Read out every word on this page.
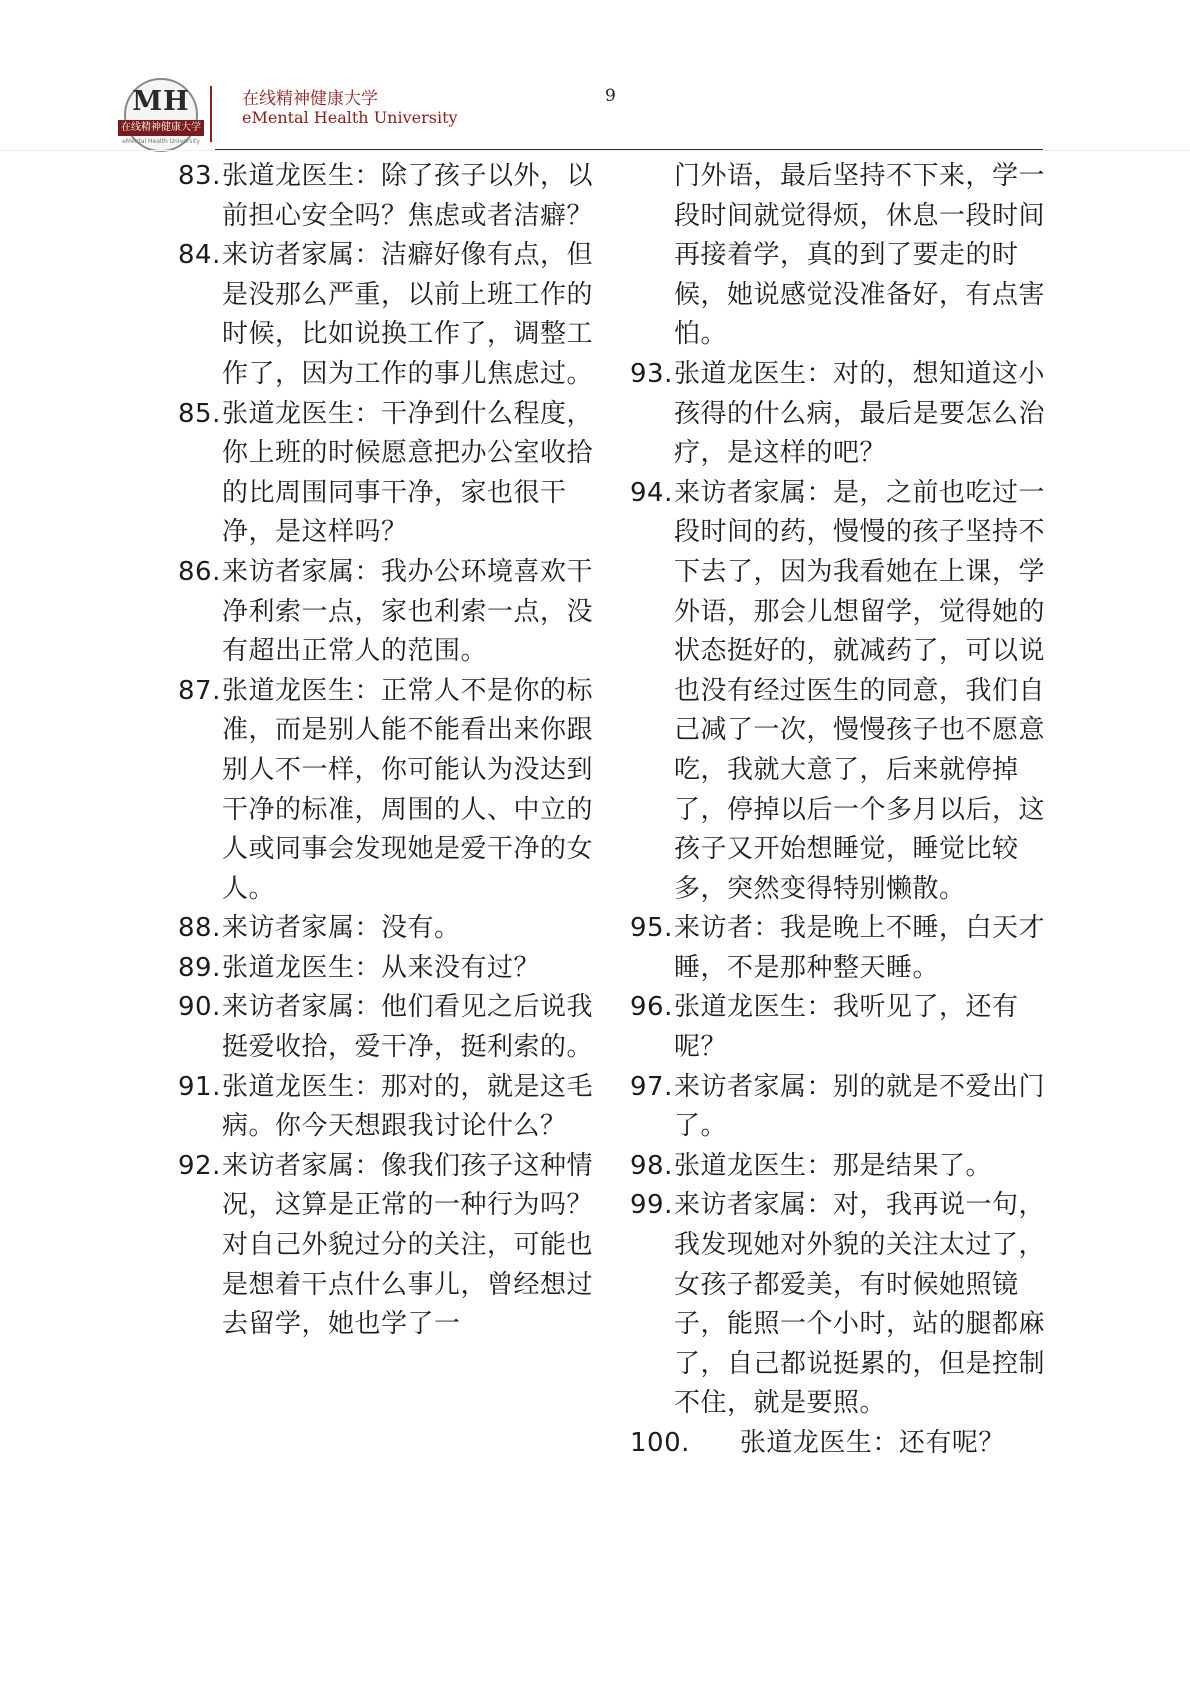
MH
在线精神健康大学
eMental Health University
在线精神健康大学
eMental Health University
9

83. 张道龙医生：除了孩子以外，以前担心安全吗？焦虑或者洁癖？

84. 来访者家属：洁癖好像有点，但是没那么严重，以前上班工作的时候，比如说换工作了，调整工作了，因为工作的事儿焦虑过。

85. 张道龙医生：干净到什么程度，你上班的时候愿意把办公室收拾的比周围同事干净，家也很干净，是这样吗？

86. 来访者家属：我办公环境喜欢干净利索一点，家也利索一点，没有超出正常人的范围。

87. 张道龙医生：正常人不是你的标准，而是别人能不能看出来你跟别人不一样，你可能认为没达到干净的标准，周围的人、中立的人或同事会发现她是爱干净的女人。

88. 来访者家属：没有。

89. 张道龙医生：从来没有过？

90. 来访者家属：他们看见之后说我挺爱收拾，爱干净，挺利索的。

91. 张道龙医生：那对的，就是这毛病。你今天想跟我讨论什么？

92. 来访者家属：像我们孩子这种情况，这算是正常的一种行为吗？对自己外貌过分的关注，可能也是想着干点什么事儿，曾经想过去留学，她也学了一

门外语，最后坚持不下来，学一段时间就觉得烦，休息一段时间再接着学，真的到了要走的时候，她说感觉没准备好，有点害怕。

93. 张道龙医生：对的，想知道这小孩得的什么病，最后是要怎么治疗，是这样的吧？

94. 来访者家属：是，之前也吃过一段时间的药，慢慢的孩子坚持不下去了，因为我看她在上课，学外语，那会儿想留学，觉得她的状态挺好的，就减药了，可以说也没有经过医生的同意，我们自己减了一次，慢慢孩子也不愿意吃，我就大意了，后来就停掉了，停掉以后一个多月以后，这孩子又开始想睡觉，睡觉比较多，突然变得特别懒散。

95. 来访者：我是晚上不睡，白天才睡，不是那种整天睡。

96. 张道龙医生：我听见了，还有呢？

97. 来访者家属：别的就是不爱出门了。

98. 张道龙医生：那是结果了。

99. 来访者家属：对，我再说一句，我发现她对外貌的关注太过了，女孩子都爱美，有时候她照镜子，能照一个小时，站的腿都麻了，自己都说挺累的，但是控制不住，就是要照。

100. 张道龙医生：还有呢？
